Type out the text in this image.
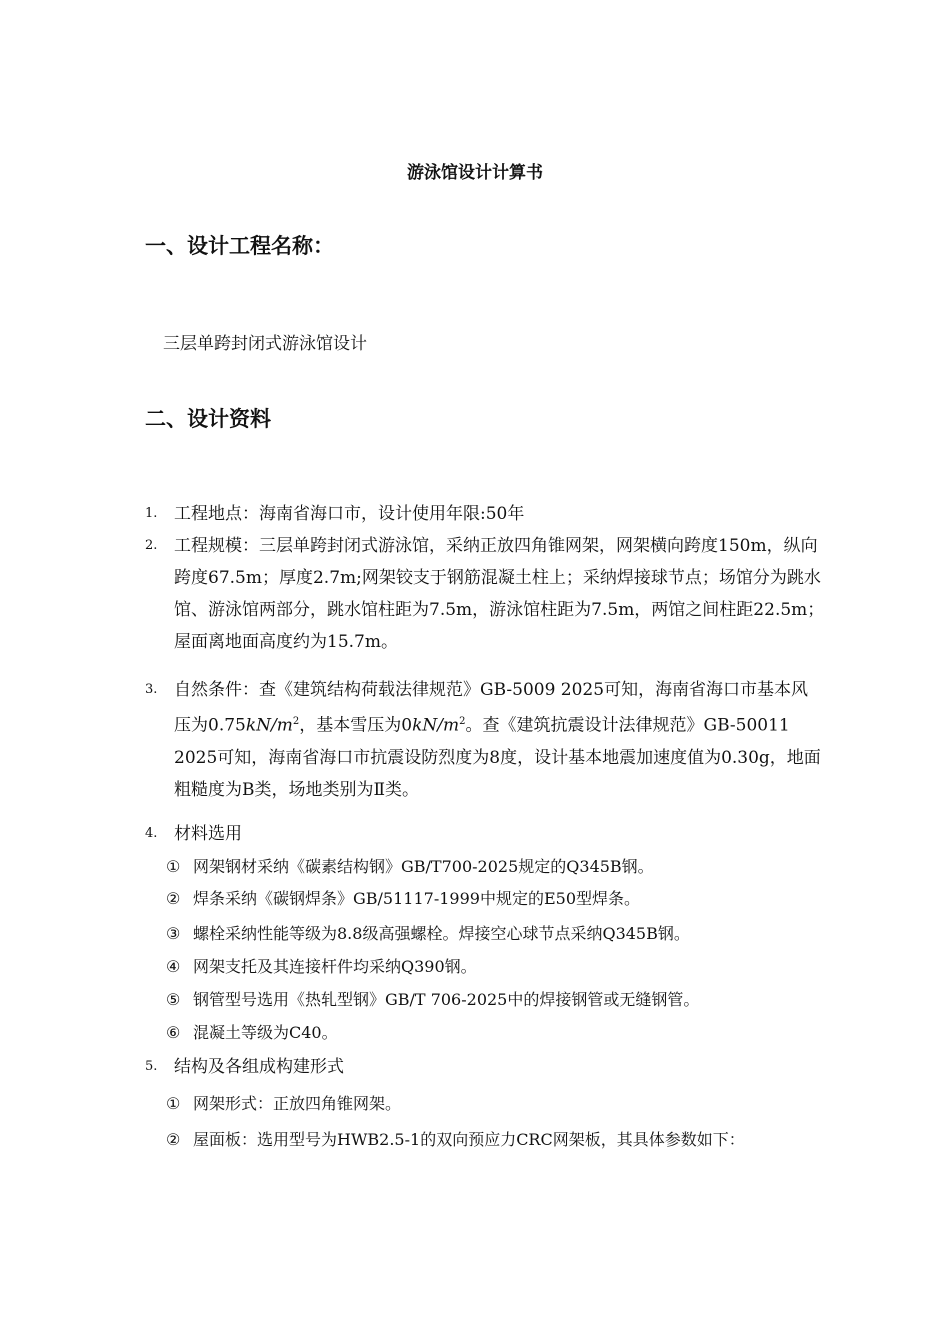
游泳馆设计计算书
一、设计工程名称：
三层单跨封闭式游泳馆设计
二、设计资料
1. 工程地点：海南省海口市，设计使用年限:50年
2. 工程规模：三层单跨封闭式游泳馆，采纳正放四角锥网架，网架横向跨度150m，纵向跨度67.5m；厚度2.7m;网架铰支于钢筋混凝土柱上；采纳焊接球节点；场馆分为跳水馆、游泳馆两部分，跳水馆柱距为7.5m，游泳馆柱距为7.5m，两馆之间柱距22.5m；屋面离地面高度约为15.7m。
3. 自然条件：查《建筑结构荷载法律规范》GB-5009 2025可知，海南省海口市基本风压为$0.75kN/m^2$，基本雪压为$0kN/m^2$。查《建筑抗震设计法律规范》GB-50011 2025可知，海南省海口市抗震设防烈度为8度，设计基本地震加速度值为0.30g，地面粗糙度为B类，场地类别为Ⅱ类。
4. 材料选用
① 网架钢材采纳《碳素结构钢》GB/T700-2025规定的Q345B钢。
② 焊条采纳《碳钢焊条》GB/51117-1999中规定的E50型焊条。
③ 螺栓采纳性能等级为8.8级高强螺栓。焊接空心球节点采纳Q345B钢。
④ 网架支托及其连接杆件均采纳Q390钢。
⑤ 钢管型号选用《热轧型钢》GB/T 706-2025中的焊接钢管或无缝钢管。
⑥ 混凝土等级为C40。
5. 结构及各组成构建形式
① 网架形式：正放四角锥网架。
② 屋面板：选用型号为HWB2.5-1的双向预应力CRC网架板，其具体参数如下：
